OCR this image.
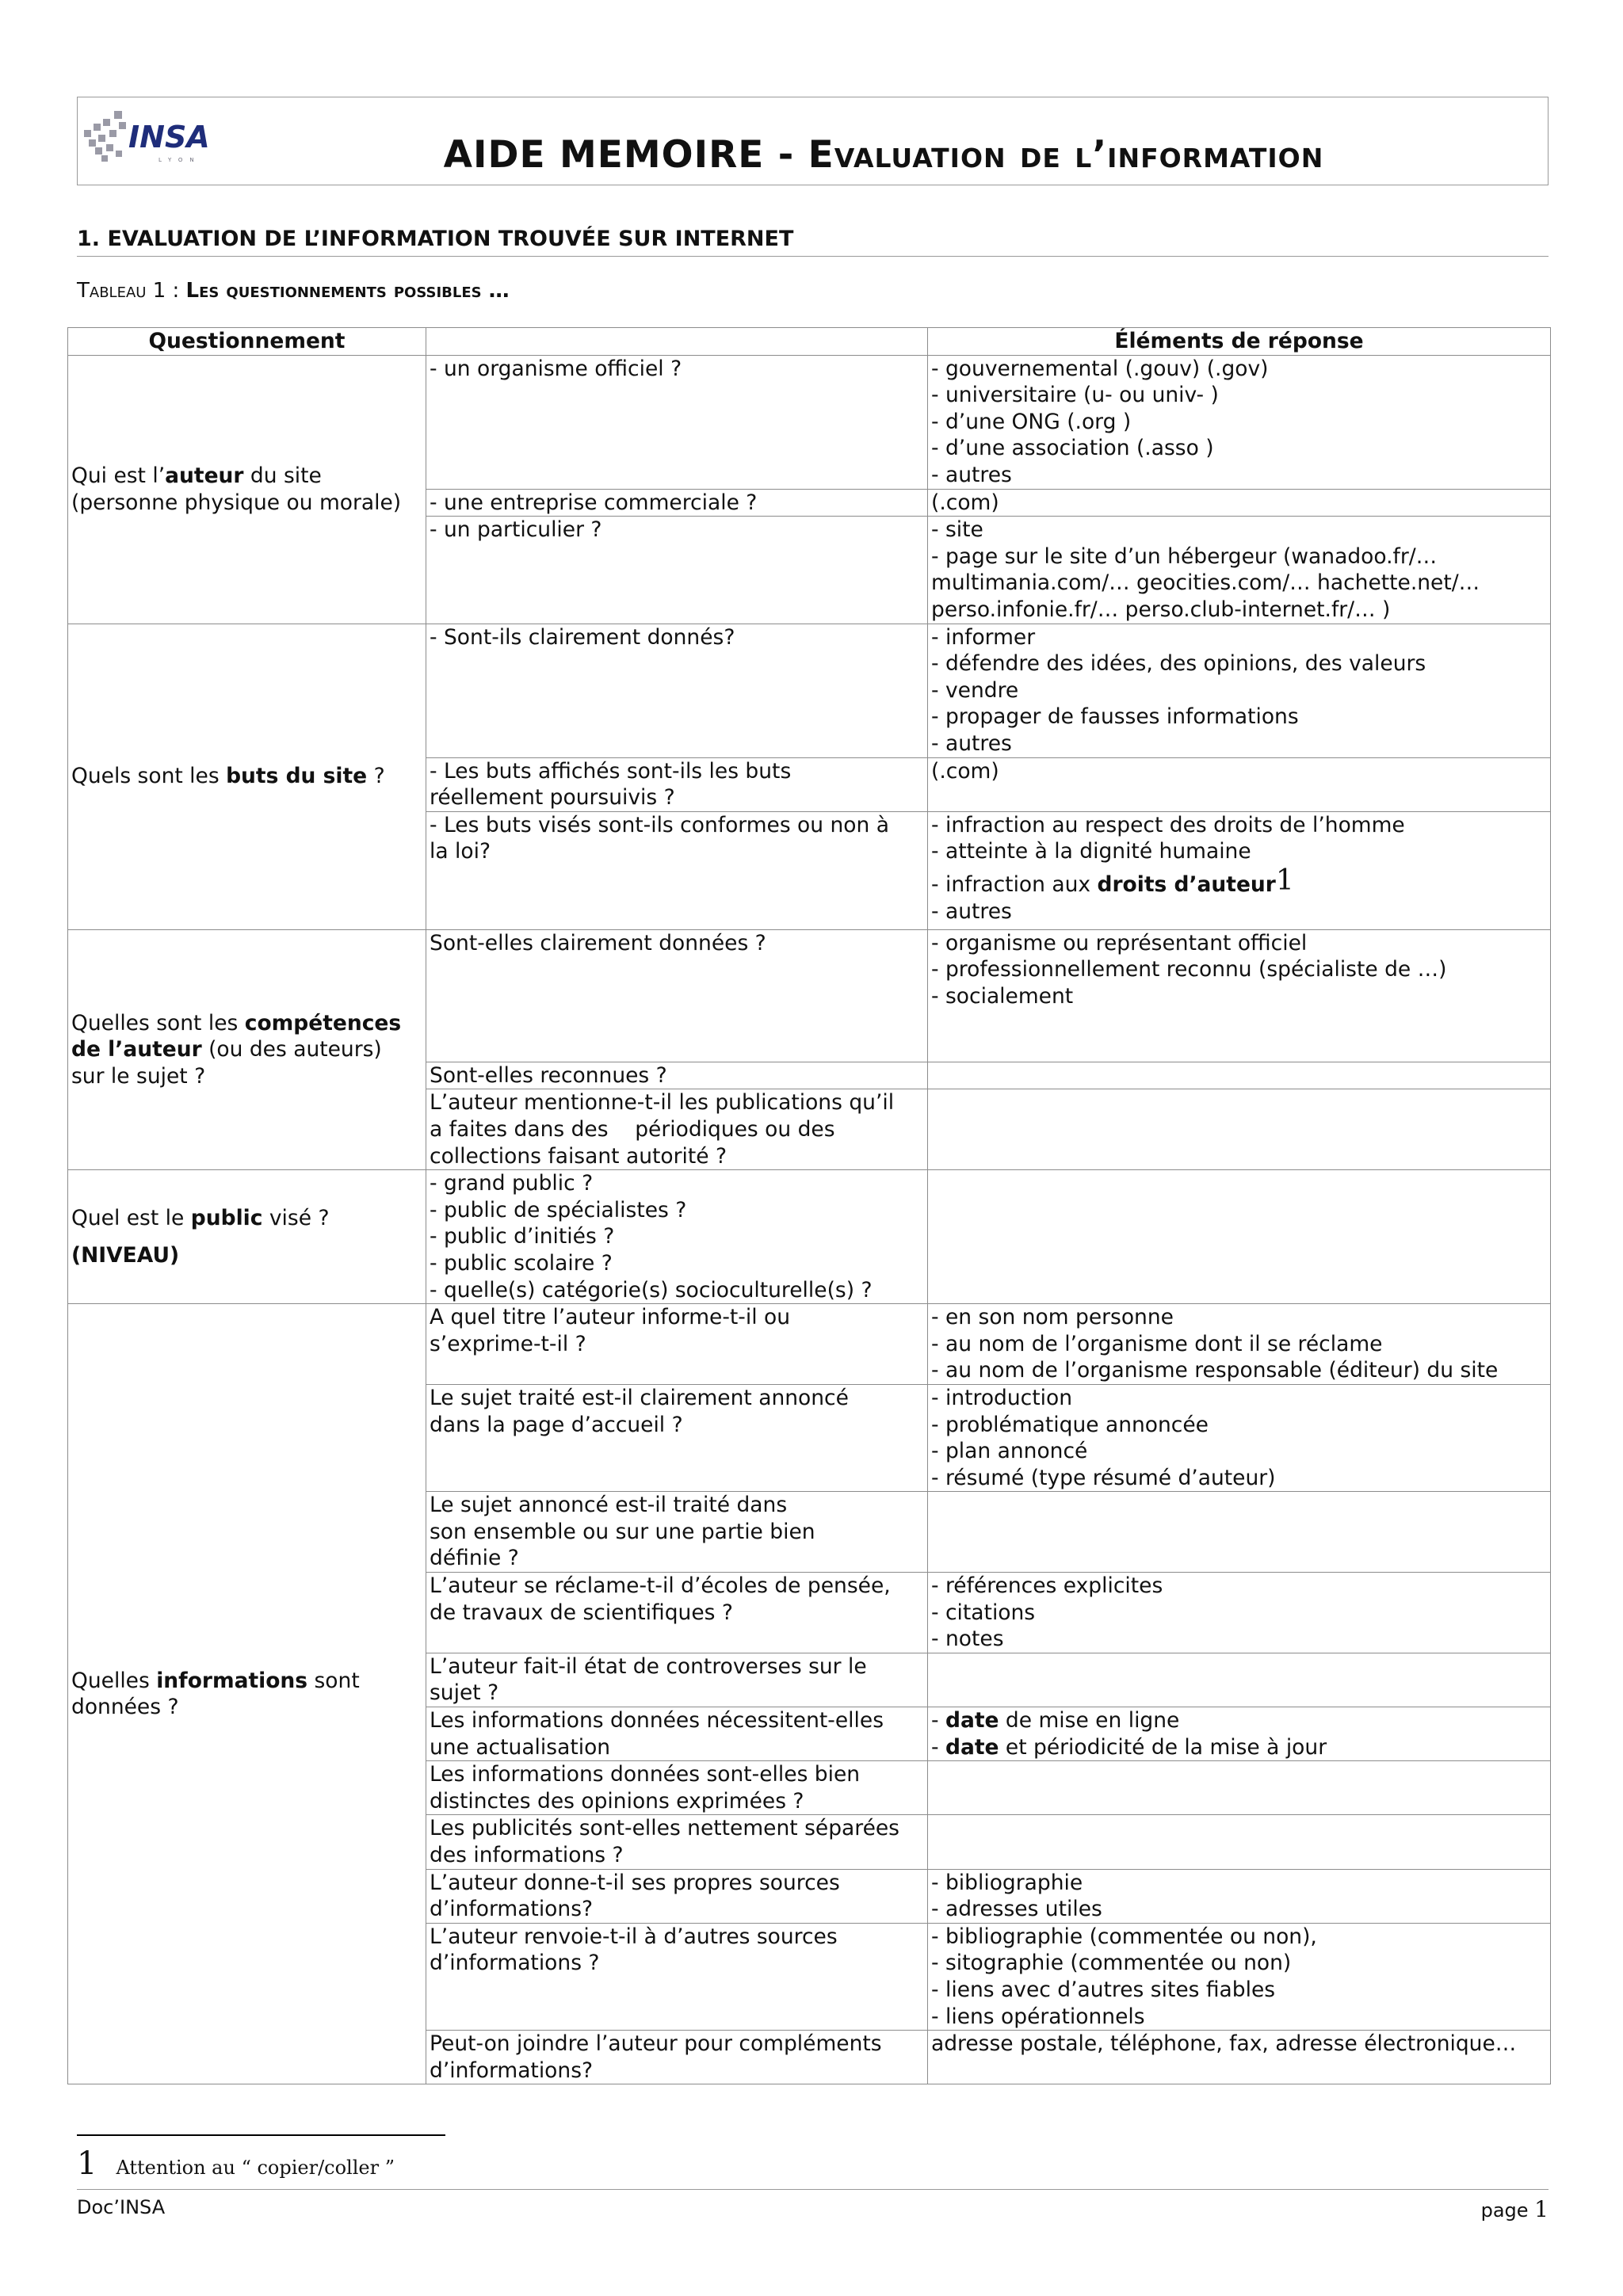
INSA
LYON	AIDE MEMOIRE - Evaluation de l’information
1. EVALUATION DE L’INFORMATION TROUVÉE SUR INTERNET
Tableau 1 : Les questionnements possibles …
Questionnement		Éléments de réponse

Qui est l’auteur du site
(personne physique ou morale)	- un organisme officiel ?	- gouvernemental (.gouv) (.gov)
- universitaire (u- ou univ- )
- d’une ONG (.org )
- d’une association (.asso )
- autres

	- une entreprise commerciale ?	(.com)
	- un particulier ?	- site
- page sur le site d’un hébergeur (wanadoo.fr/…
multimania.com/… geocities.com/… hachette.net/…
perso.infonie.fr/… perso.club-internet.fr/… )

Quels sont les buts du site ?	- Sont-ils clairement donnés?	- informer
- défendre des idées, des opinions, des valeurs
- vendre
- propager de fausses informations
- autres

	- Les buts affichés sont-ils les buts
réellement poursuivis ?	(.com)

	- Les buts visés sont-ils conformes ou non à
la loi?	- infraction au respect des droits de l’homme
- atteinte à la dignité humaine
- infraction aux droits d’auteur1
- autres

Quelles sont les compétences
de l’auteur (ou des auteurs)
sur le sujet ?	Sont-elles clairement données ?	- organisme ou représentant officiel
- professionnellement reconnu (spécialiste de …)
- socialement

	Sont-elles reconnues ?	

	L’auteur mentionne-t-il les publications qu’il
a faites dans des    périodiques ou des
collections faisant autorité ?	

Quel est le public visé ?
(NIVEAU)	- grand public ?
- public de spécialistes ?
- public d’initiés ?
- public scolaire ?
- quelle(s) catégorie(s) socioculturelle(s) ?	

Quelles informations sont
données ?	A quel titre l’auteur informe-t-il ou
s’exprime-t-il ?	- en son nom personne
- au nom de l’organisme dont il se réclame
- au nom de l’organisme responsable (éditeur) du site

	Le sujet traité est-il clairement annoncé
dans la page d’accueil ?	- introduction
- problématique annoncée
- plan annoncé
- résumé (type résumé d’auteur)

	Le sujet annoncé est-il traité dans
son ensemble ou sur une partie bien
définie ?	

	L’auteur se réclame-t-il d’écoles de pensée,
de travaux de scientifiques ?	- références explicites
- citations
- notes

	L’auteur fait-il état de controverses sur le
sujet ?	

	Les informations données nécessitent-elles
une actualisation	- date de mise en ligne
- date et périodicité de la mise à jour

	Les informations données sont-elles bien
distinctes des opinions exprimées ?	

	Les publicités sont-elles nettement séparées
des informations ?	

	L’auteur donne-t-il ses propres sources
d’informations?	- bibliographie
- adresses utiles

	L’auteur renvoie-t-il à d’autres sources
d’informations ?	- bibliographie (commentée ou non),
- sitographie (commentée ou non)
- liens avec d’autres sites fiables
- liens opérationnels

	Peut-on joindre l’auteur pour compléments
d’informations?	adresse postale, téléphone, fax, adresse électronique…
1 Attention au “ copier/coller ”
Doc’INSA	page 1
